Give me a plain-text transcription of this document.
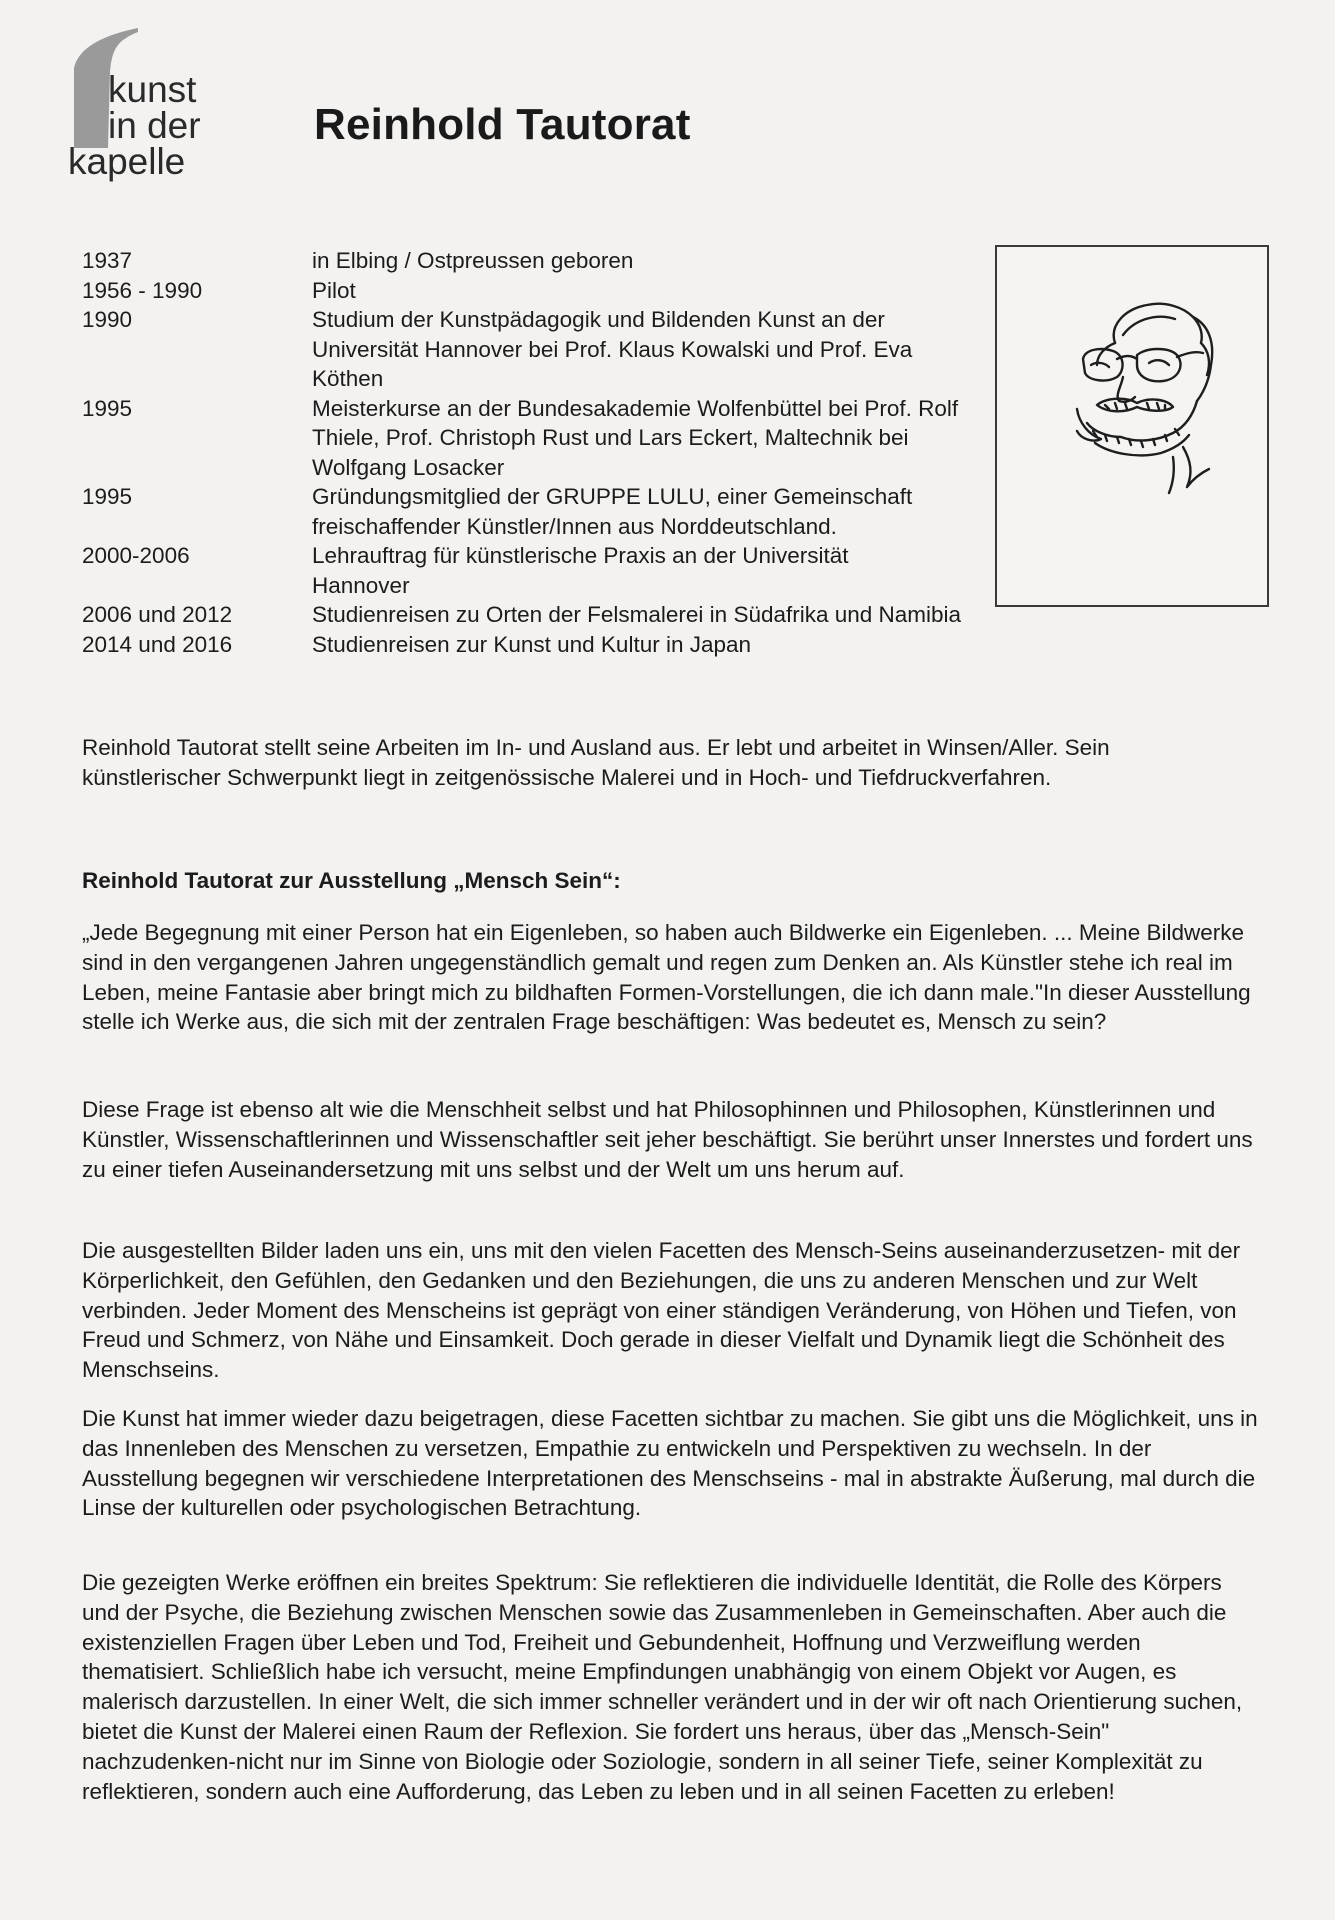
kunst
in der
kapelle
Reinhold Tautorat
1937	in Elbing / Ostpreussen geboren
1956 - 1990	Pilot
1990	Studium der Kunstpädagogik und Bildenden Kunst an der Universität Hannover bei Prof. Klaus Kowalski und Prof. Eva Köthen
1995	Meisterkurse an der Bundesakademie Wolfenbüttel bei Prof. Rolf Thiele, Prof. Christoph Rust und Lars Eckert, Maltechnik bei Wolfgang Losacker
1995	Gründungsmitglied der GRUPPE LULU, einer Gemeinschaft freischaffender Künstler/Innen aus Norddeutschland.
2000-2006	Lehrauftrag für künstlerische Praxis an der Universität Hannover
2006 und 2012	Studienreisen zu Orten der Felsmalerei in Südafrika und Namibia
2014 und 2016	Studienreisen zur Kunst und Kultur in Japan

Reinhold Tautorat stellt seine Arbeiten im In- und Ausland aus. Er lebt und arbeitet in Winsen/Aller. Sein künstlerischer Schwerpunkt liegt in zeitgenössische Malerei und in Hoch- und Tiefdruckverfahren.

Reinhold Tautorat zur Ausstellung „Mensch Sein“:

„Jede Begegnung mit einer Person hat ein Eigenleben, so haben auch Bildwerke ein Eigenleben. ... Meine Bildwerke sind in den vergangenen Jahren ungegenständlich gemalt und regen zum Denken an. Als Künstler stehe ich real im Leben, meine Fantasie aber bringt mich zu bildhaften Formen-Vorstellungen, die ich dann male."In dieser Ausstellung stelle ich Werke aus, die sich mit der zentralen Frage beschäftigen: Was bedeutet es, Mensch zu sein?

Diese Frage ist ebenso alt wie die Menschheit selbst und hat Philosophinnen und Philosophen, Künstlerinnen und Künstler, Wissenschaftlerinnen und Wissenschaftler seit jeher beschäftigt. Sie berührt unser Innerstes und fordert uns zu einer tiefen Auseinandersetzung mit uns selbst und der Welt um uns herum auf.

Die ausgestellten Bilder laden uns ein, uns mit den vielen Facetten des Mensch-Seins auseinanderzusetzen- mit der Körperlichkeit, den Gefühlen, den Gedanken und den Beziehungen, die uns zu anderen Menschen und zur Welt verbinden. Jeder Moment des Menscheins ist geprägt von einer ständigen Veränderung, von Höhen und Tiefen, von Freud und Schmerz, von Nähe und Einsamkeit. Doch gerade in dieser Vielfalt und Dynamik liegt die Schönheit des Menschseins.

Die Kunst hat immer wieder dazu beigetragen, diese Facetten sichtbar zu machen. Sie gibt uns die Möglichkeit, uns in das Innenleben des Menschen zu versetzen, Empathie zu entwickeln und Perspektiven zu wechseln. In der Ausstellung begegnen wir verschiedene Interpretationen des Menschseins - mal in abstrakte Äußerung, mal durch die Linse der kulturellen oder psychologischen Betrachtung.

Die gezeigten Werke eröffnen ein breites Spektrum: Sie reflektieren die individuelle Identität, die Rolle des Körpers und der Psyche, die Beziehung zwischen Menschen sowie das Zusammenleben in Gemeinschaften. Aber auch die existenziellen Fragen über Leben und Tod, Freiheit und Gebundenheit, Hoffnung und Verzweiflung werden thematisiert. Schließlich habe ich versucht, meine Empfindungen unabhängig von einem Objekt vor Augen, es malerisch darzustellen. In einer Welt, die sich immer schneller verändert und in der wir oft nach Orientierung suchen, bietet die Kunst der Malerei einen Raum der Reflexion. Sie fordert uns heraus, über das „Mensch-Sein" nachzudenken-nicht nur im Sinne von Biologie oder Soziologie, sondern in all seiner Tiefe, seiner Komplexität zu reflektieren, sondern auch eine Aufforderung, das Leben zu leben und in all seinen Facetten zu erleben!
